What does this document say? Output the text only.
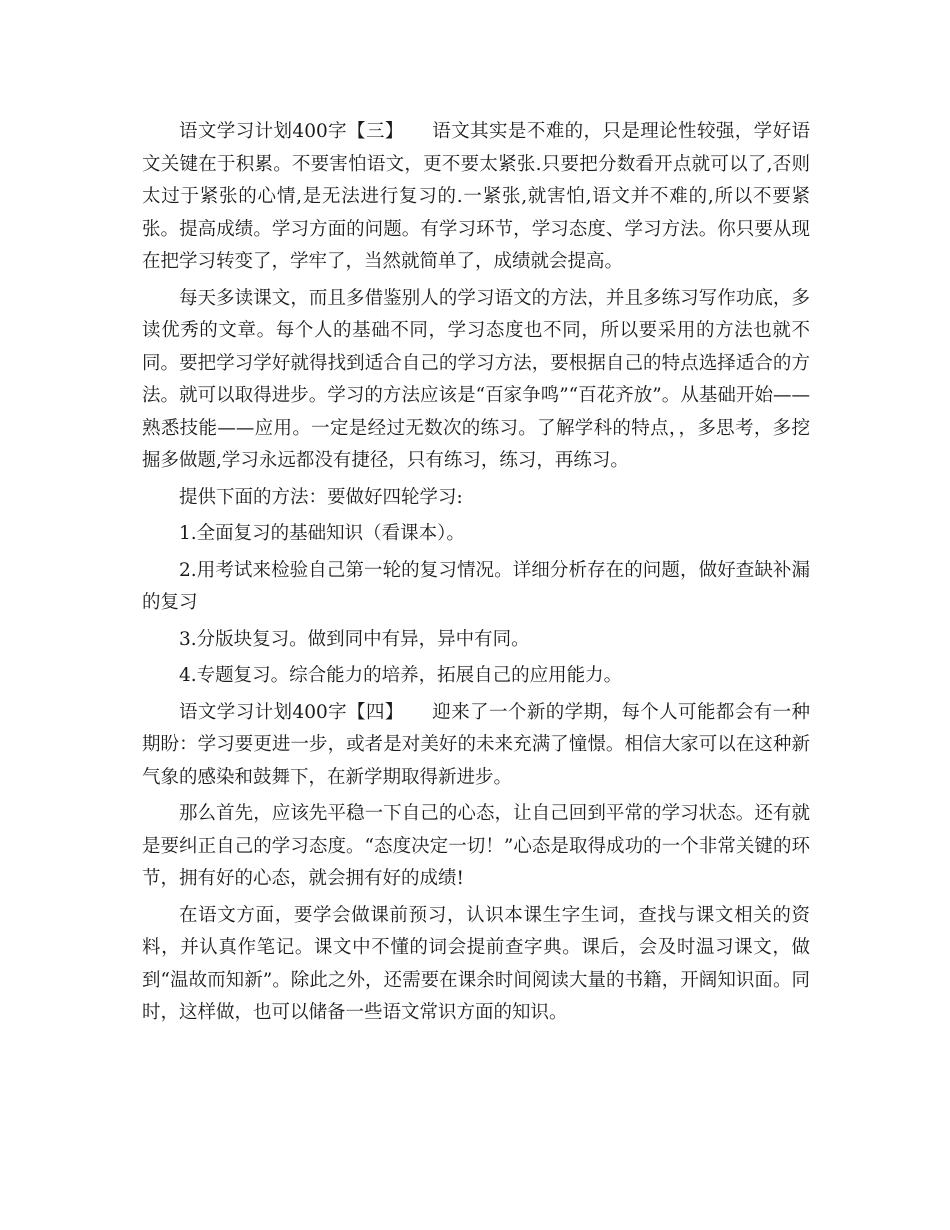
语文学习计划400字【三】　　语文其实是不难的，只是理论性较强，学好语文关键在于积累。不要害怕语文，更不要太紧张.只要把分数看开点就可以了,否则太过于紧张的心情,是无法进行复习的.一紧张,就害怕,语文并不难的,所以不要紧张。提高成绩。学习方面的问题。有学习环节，学习态度、学习方法。你只要从现在把学习转变了，学牢了，当然就简单了，成绩就会提高。

每天多读课文，而且多借鉴别人的学习语文的方法，并且多练习写作功底，多读优秀的文章。每个人的基础不同，学习态度也不同，所以要采用的方法也就不同。要把学习学好就得找到适合自己的学习方法，要根据自己的特点选择适合的方法。就可以取得进步。学习的方法应该是“百家争鸣”“百花齐放”。从基础开始——熟悉技能——应用。一定是经过无数次的练习。了解学科的特点，，多思考，多挖掘多做题,学习永远都没有捷径，只有练习，练习，再练习。

提供下面的方法：要做好四轮学习:

1.全面复习的基础知识（看课本）。

2.用考试来检验自己第一轮的复习情况。详细分析存在的问题，做好查缺补漏的复习

3.分版块复习。做到同中有异，异中有同。

4.专题复习。综合能力的培养，拓展自己的应用能力。

语文学习计划400字【四】　　迎来了一个新的学期，每个人可能都会有一种期盼：学习要更进一步，或者是对美好的未来充满了憧憬。相信大家可以在这种新气象的感染和鼓舞下，在新学期取得新进步。

那么首先，应该先平稳一下自己的心态，让自己回到平常的学习状态。还有就是要纠正自己的学习态度。“态度决定一切！”心态是取得成功的一个非常关键的环节，拥有好的心态，就会拥有好的成绩!

在语文方面，要学会做课前预习，认识本课生字生词，查找与课文相关的资料，并认真作笔记。课文中不懂的词会提前查字典。课后，会及时温习课文，做到“温故而知新”。除此之外，还需要在课余时间阅读大量的书籍，开阔知识面。同时，这样做，也可以储备一些语文常识方面的知识。
